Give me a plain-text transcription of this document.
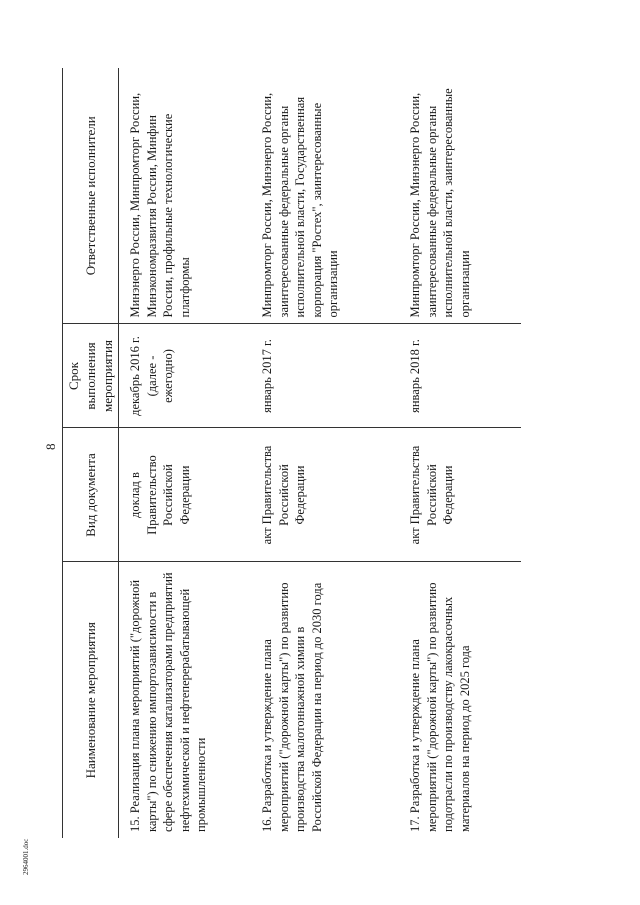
8
2964001.doc
Наименование мероприятия	Вид документа	Срок выполнения мероприятия	Ответственные исполнители
15. Реализация плана мероприятий ("дорожной карты") по снижению импортозависимости в сфере обеспечения катализаторами предприятий нефтехимической и нефтеперерабатывающей промышленности	доклад в Правительство Российской Федерации	декабрь 2016 г. (далее - ежегодно)	Минэнерго России, Минпромторг России, Минэкономразвития России, Минфин России, профильные технологические платформы
16. Разработка и утверждение плана мероприятий ("дорожной карты") по развитию производства малотоннажной химии в Российской Федерации на период до 2030 года	акт Правительства Российской Федерации	январь 2017 г.	Минпромторг России, Минэнерго России, заинтересованные федеральные органы исполнительной власти, Государственная корпорация "Ростех", заинтересованные организации
17. Разработка и утверждение плана мероприятий ("дорожной карты") по развитию подотрасли по производству лакокрасочных материалов на период до 2025 года	акт Правительства Российской Федерации	январь 2018 г.	Минпромторг России, Минэнерго России, заинтересованные федеральные органы исполнительной власти, заинтересованные организации
